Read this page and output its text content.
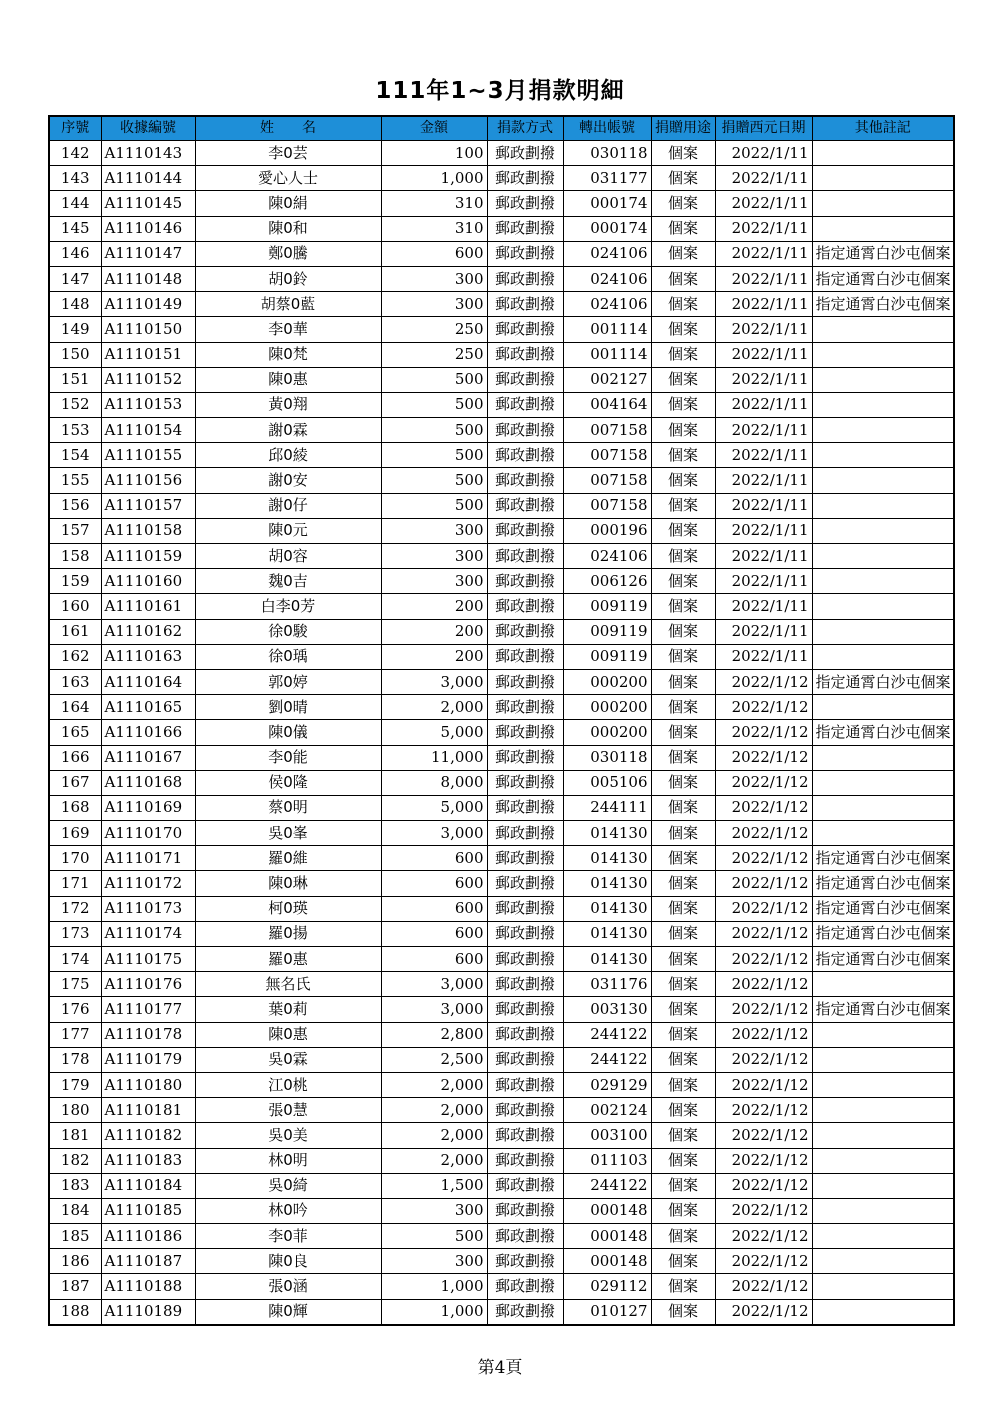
111年1~3月捐款明細
序號	收據編號	姓　　名	金額	捐款方式	轉出帳號	捐贈用途	捐贈西元日期	其他註記
142	A1110143	李0芸	100	郵政劃撥	030118	個案	2022/1/11	
143	A1110144	愛心人士	1,000	郵政劃撥	031177	個案	2022/1/11	
144	A1110145	陳0絹	310	郵政劃撥	000174	個案	2022/1/11	
145	A1110146	陳0和	310	郵政劃撥	000174	個案	2022/1/11	
146	A1110147	鄭0騰	600	郵政劃撥	024106	個案	2022/1/11	指定通霄白沙屯個案
147	A1110148	胡0鈴	300	郵政劃撥	024106	個案	2022/1/11	指定通霄白沙屯個案
148	A1110149	胡蔡0藍	300	郵政劃撥	024106	個案	2022/1/11	指定通霄白沙屯個案
149	A1110150	李0華	250	郵政劃撥	001114	個案	2022/1/11	
150	A1110151	陳0梵	250	郵政劃撥	001114	個案	2022/1/11	
151	A1110152	陳0惠	500	郵政劃撥	002127	個案	2022/1/11	
152	A1110153	黃0翔	500	郵政劃撥	004164	個案	2022/1/11	
153	A1110154	謝0霖	500	郵政劃撥	007158	個案	2022/1/11	
154	A1110155	邱0綾	500	郵政劃撥	007158	個案	2022/1/11	
155	A1110156	謝0安	500	郵政劃撥	007158	個案	2022/1/11	
156	A1110157	謝0仔	500	郵政劃撥	007158	個案	2022/1/11	
157	A1110158	陳0元	300	郵政劃撥	000196	個案	2022/1/11	
158	A1110159	胡0容	300	郵政劃撥	024106	個案	2022/1/11	
159	A1110160	魏0吉	300	郵政劃撥	006126	個案	2022/1/11	
160	A1110161	白李0芳	200	郵政劃撥	009119	個案	2022/1/11	
161	A1110162	徐0駿	200	郵政劃撥	009119	個案	2022/1/11	
162	A1110163	徐0瑀	200	郵政劃撥	009119	個案	2022/1/11	
163	A1110164	郭0婷	3,000	郵政劃撥	000200	個案	2022/1/12	指定通霄白沙屯個案
164	A1110165	劉0晴	2,000	郵政劃撥	000200	個案	2022/1/12	
165	A1110166	陳0儀	5,000	郵政劃撥	000200	個案	2022/1/12	指定通霄白沙屯個案
166	A1110167	李0能	11,000	郵政劃撥	030118	個案	2022/1/12	
167	A1110168	侯0隆	8,000	郵政劃撥	005106	個案	2022/1/12	
168	A1110169	蔡0明	5,000	郵政劃撥	244111	個案	2022/1/12	
169	A1110170	吳0峯	3,000	郵政劃撥	014130	個案	2022/1/12	
170	A1110171	羅0維	600	郵政劃撥	014130	個案	2022/1/12	指定通霄白沙屯個案
171	A1110172	陳0琳	600	郵政劃撥	014130	個案	2022/1/12	指定通霄白沙屯個案
172	A1110173	柯0瑛	600	郵政劃撥	014130	個案	2022/1/12	指定通霄白沙屯個案
173	A1110174	羅0揚	600	郵政劃撥	014130	個案	2022/1/12	指定通霄白沙屯個案
174	A1110175	羅0惠	600	郵政劃撥	014130	個案	2022/1/12	指定通霄白沙屯個案
175	A1110176	無名氏	3,000	郵政劃撥	031176	個案	2022/1/12	
176	A1110177	葉0莉	3,000	郵政劃撥	003130	個案	2022/1/12	指定通霄白沙屯個案
177	A1110178	陳0惠	2,800	郵政劃撥	244122	個案	2022/1/12	
178	A1110179	吳0霖	2,500	郵政劃撥	244122	個案	2022/1/12	
179	A1110180	江0桃	2,000	郵政劃撥	029129	個案	2022/1/12	
180	A1110181	張0慧	2,000	郵政劃撥	002124	個案	2022/1/12	
181	A1110182	吳0美	2,000	郵政劃撥	003100	個案	2022/1/12	
182	A1110183	林0明	2,000	郵政劃撥	011103	個案	2022/1/12	
183	A1110184	吳0綺	1,500	郵政劃撥	244122	個案	2022/1/12	
184	A1110185	林0吟	300	郵政劃撥	000148	個案	2022/1/12	
185	A1110186	李0菲	500	郵政劃撥	000148	個案	2022/1/12	
186	A1110187	陳0良	300	郵政劃撥	000148	個案	2022/1/12	
187	A1110188	張0涵	1,000	郵政劃撥	029112	個案	2022/1/12	
188	A1110189	陳0輝	1,000	郵政劃撥	010127	個案	2022/1/12	
第4頁
